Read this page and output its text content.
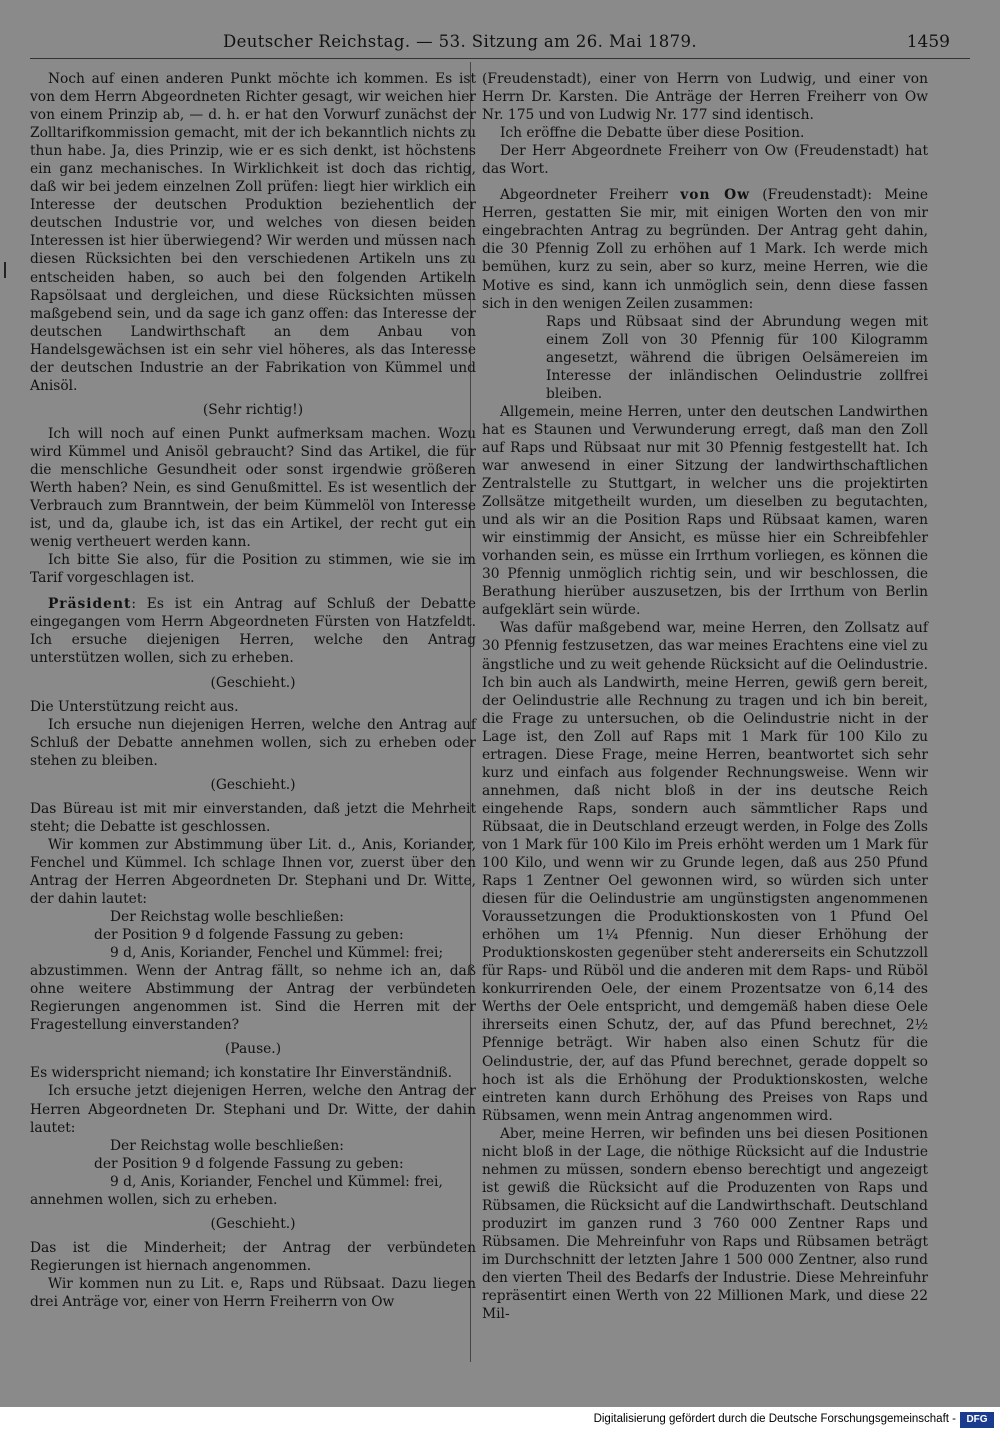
Deutscher Reichstag. — 53. Sitzung am 26. Mai 1879.	1459

Noch auf einen anderen Punkt möchte ich kommen. Es ist von dem Herrn Abgeordneten Richter gesagt, wir weichen hier von einem Prinzip ab, — d. h. er hat den Vorwurf zunächst der Zolltarifkommission gemacht, mit der ich bekanntlich nichts zu thun habe. Ja, dies Prinzip, wie er es sich denkt, ist höchstens ein ganz mechanisches. In Wirklichkeit ist doch das richtig, daß wir bei jedem einzelnen Zoll prüfen: liegt hier wirklich ein Interesse der deutschen Produktion beziehentlich der deutschen Industrie vor, und welches von diesen beiden Interessen ist hier überwiegend? Wir werden und müssen nach diesen Rücksichten bei den verschiedenen Artikeln uns zu entscheiden haben, so auch bei den folgenden Artikeln Rapsölsaat und dergleichen, und diese Rücksichten müssen maßgebend sein, und da sage ich ganz offen: das Interesse der deutschen Landwirthschaft an dem Anbau von Handelsgewächsen ist ein sehr viel höheres, als das Interesse der deutschen Industrie an der Fabrikation von Kümmel und Anisöl.

(Sehr richtig!)

Ich will noch auf einen Punkt aufmerksam machen. Wozu wird Kümmel und Anisöl gebraucht? Sind das Artikel, die für die menschliche Gesundheit oder sonst irgendwie größeren Werth haben? Nein, es sind Genußmittel. Es ist wesentlich der Verbrauch zum Branntwein, der beim Kümmelöl von Interesse ist, und da, glaube ich, ist das ein Artikel, der recht gut ein wenig vertheuert werden kann.

Ich bitte Sie also, für die Position zu stimmen, wie sie im Tarif vorgeschlagen ist.

Präsident: Es ist ein Antrag auf Schluß der Debatte eingegangen vom Herrn Abgeordneten Fürsten von Hatzfeldt. Ich ersuche diejenigen Herren, welche den Antrag unterstützen wollen, sich zu erheben.

(Geschieht.)

Die Unterstützung reicht aus.

Ich ersuche nun diejenigen Herren, welche den Antrag auf Schluß der Debatte annehmen wollen, sich zu erheben oder stehen zu bleiben.

(Geschieht.)

Das Büreau ist mit mir einverstanden, daß jetzt die Mehrheit steht; die Debatte ist geschlossen.

Wir kommen zur Abstimmung über Lit. d., Anis, Koriander, Fenchel und Kümmel. Ich schlage Ihnen vor, zuerst über den Antrag der Herren Abgeordneten Dr. Stephani und Dr. Witte, der dahin lautet:

Der Reichstag wolle beschließen:
der Position 9 d folgende Fassung zu geben:
9 d, Anis, Koriander, Fenchel und Kümmel: frei;

abzustimmen. Wenn der Antrag fällt, so nehme ich an, daß ohne weitere Abstimmung der Antrag der verbündeten Regierungen angenommen ist. Sind die Herren mit der Fragestellung einverstanden?

(Pause.)

Es widerspricht niemand; ich konstatire Ihr Einverständniß.

Ich ersuche jetzt diejenigen Herren, welche den Antrag der Herren Abgeordneten Dr. Stephani und Dr. Witte, der dahin lautet:

Der Reichstag wolle beschließen:
der Position 9 d folgende Fassung zu geben:
9 d, Anis, Koriander, Fenchel und Kümmel: frei,

annehmen wollen, sich zu erheben.

(Geschieht.)

Das ist die Minderheit; der Antrag der verbündeten Regierungen ist hiernach angenommen.

Wir kommen nun zu Lit. e, Raps und Rübsaat. Dazu liegen drei Anträge vor, einer von Herrn Freiherrn von Ow

(Freudenstadt), einer von Herrn von Ludwig, und einer von Herrn Dr. Karsten. Die Anträge der Herren Freiherr von Ow Nr. 175 und von Ludwig Nr. 177 sind identisch.

Ich eröffne die Debatte über diese Position.

Der Herr Abgeordnete Freiherr von Ow (Freudenstadt) hat das Wort.

Abgeordneter Freiherr von Ow (Freudenstadt): Meine Herren, gestatten Sie mir, mit einigen Worten den von mir eingebrachten Antrag zu begründen. Der Antrag geht dahin, die 30 Pfennig Zoll zu erhöhen auf 1 Mark. Ich werde mich bemühen, kurz zu sein, aber so kurz, meine Herren, wie die Motive es sind, kann ich unmöglich sein, denn diese fassen sich in den wenigen Zeilen zusammen:

Raps und Rübsaat sind der Abrundung wegen mit einem Zoll von 30 Pfennig für 100 Kilogramm angesetzt, während die übrigen Oelsämereien im Interesse der inländischen Oelindustrie zollfrei bleiben.

Allgemein, meine Herren, unter den deutschen Landwirthen hat es Staunen und Verwunderung erregt, daß man den Zoll auf Raps und Rübsaat nur mit 30 Pfennig festgestellt hat. Ich war anwesend in einer Sitzung der landwirthschaftlichen Zentralstelle zu Stuttgart, in welcher uns die projektirten Zollsätze mitgetheilt wurden, um dieselben zu begutachten, und als wir an die Position Raps und Rübsaat kamen, waren wir einstimmig der Ansicht, es müsse hier ein Schreibfehler vorhanden sein, es müsse ein Irrthum vorliegen, es können die 30 Pfennig unmöglich richtig sein, und wir beschlossen, die Berathung hierüber auszusetzen, bis der Irrthum von Berlin aufgeklärt sein würde.

Was dafür maßgebend war, meine Herren, den Zollsatz auf 30 Pfennig festzusetzen, das war meines Erachtens eine viel zu ängstliche und zu weit gehende Rücksicht auf die Oelindustrie. Ich bin auch als Landwirth, meine Herren, gewiß gern bereit, der Oelindustrie alle Rechnung zu tragen und ich bin bereit, die Frage zu untersuchen, ob die Oelindustrie nicht in der Lage ist, den Zoll auf Raps mit 1 Mark für 100 Kilo zu ertragen. Diese Frage, meine Herren, beantwortet sich sehr kurz und einfach aus folgender Rechnungsweise. Wenn wir annehmen, daß nicht bloß in der ins deutsche Reich eingehende Raps, sondern auch sämmtlicher Raps und Rübsaat, die in Deutschland erzeugt werden, in Folge des Zolls von 1 Mark für 100 Kilo im Preis erhöht werden um 1 Mark für 100 Kilo, und wenn wir zu Grunde legen, daß aus 250 Pfund Raps 1 Zentner Oel gewonnen wird, so würden sich unter diesen für die Oelindustrie am ungünstigsten angenommenen Voraussetzungen die Produktionskosten von 1 Pfund Oel erhöhen um 1¼ Pfennig. Nun dieser Erhöhung der Produktionskosten gegenüber steht andererseits ein Schutzzoll für Raps- und Rüböl und die anderen mit dem Raps- und Rüböl konkurrirenden Oele, der einem Prozentsatze von 6,14 des Werths der Oele entspricht, und demgemäß haben diese Oele ihrerseits einen Schutz, der, auf das Pfund berechnet, 2½ Pfennige beträgt. Wir haben also einen Schutz für die Oelindustrie, der, auf das Pfund berechnet, gerade doppelt so hoch ist als die Erhöhung der Produktionskosten, welche eintreten kann durch Erhöhung des Preises von Raps und Rübsamen, wenn mein Antrag angenommen wird.

Aber, meine Herren, wir befinden uns bei diesen Positionen nicht bloß in der Lage, die nöthige Rücksicht auf die Industrie nehmen zu müssen, sondern ebenso berechtigt und angezeigt ist gewiß die Rücksicht auf die Produzenten von Raps und Rübsamen, die Rücksicht auf die Landwirthschaft. Deutschland produzirt im ganzen rund 3 760 000 Zentner Raps und Rübsamen. Die Mehreinfuhr von Raps und Rübsamen beträgt im Durchschnitt der letzten Jahre 1 500 000 Zentner, also rund den vierten Theil des Bedarfs der Industrie. Diese Mehreinfuhr repräsentirt einen Werth von 22 Millionen Mark, und diese 22 Mil-

Digitalisierung gefördert durch die Deutsche Forschungsgemeinschaft -	DFG
